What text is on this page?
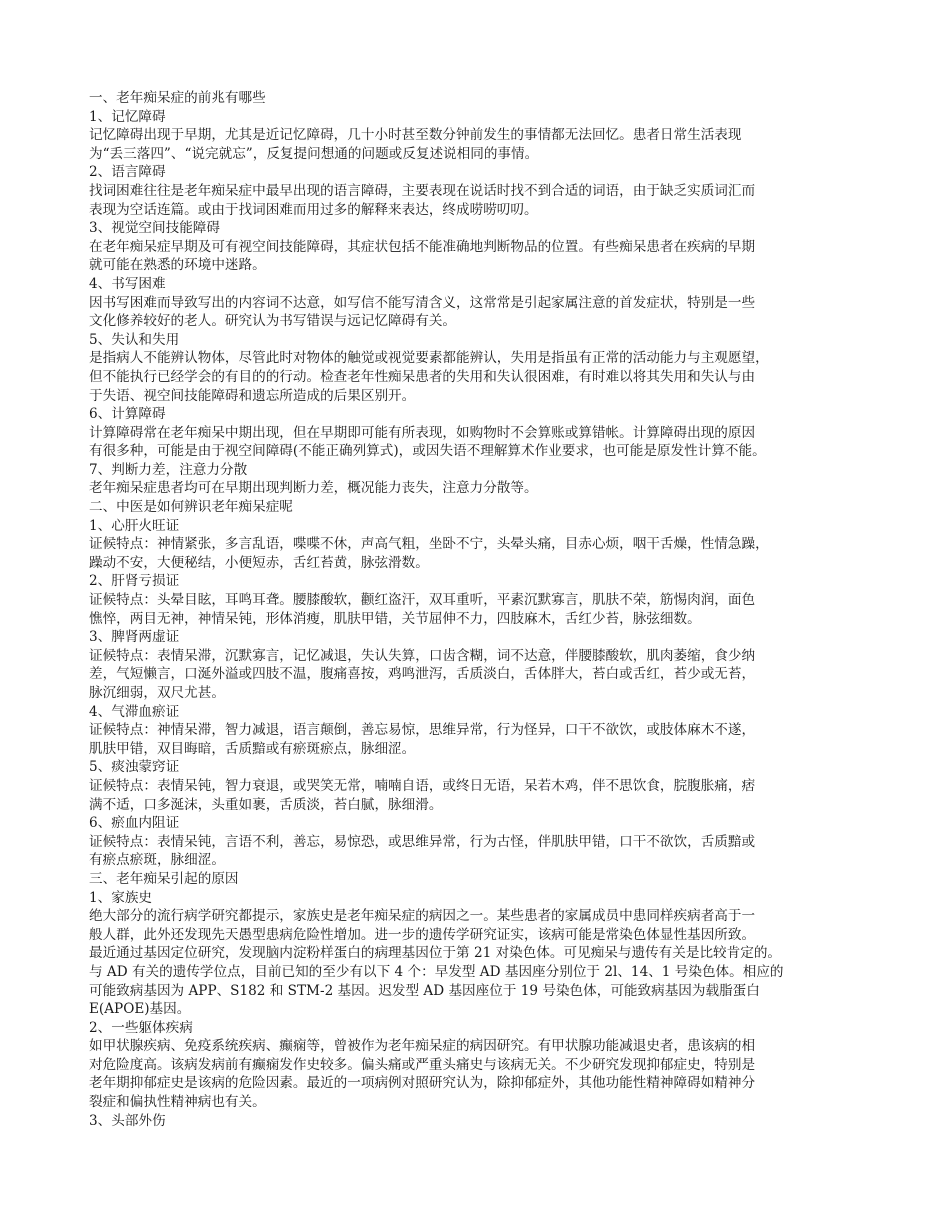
一、老年痴呆症的前兆有哪些
1、记忆障碍
记忆障碍出现于早期，尤其是近记忆障碍，几十小时甚至数分钟前发生的事情都无法回忆。患者日常生活表现
为“丢三落四”、“说完就忘”，反复提问想通的问题或反复述说相同的事情。
2、语言障碍
找词困难往往是老年痴呆症中最早出现的语言障碍，主要表现在说话时找不到合适的词语，由于缺乏实质词汇而
表现为空话连篇。或由于找词困难而用过多的解释来表达，终成唠唠叨叨。
3、视觉空间技能障碍
在老年痴呆症早期及可有视空间技能障碍，其症状包括不能准确地判断物品的位置。有些痴呆患者在疾病的早期
就可能在熟悉的环境中迷路。
4、书写困难
因书写困难而导致写出的内容词不达意，如写信不能写清含义，这常常是引起家属注意的首发症状，特别是一些
文化修养较好的老人。研究认为书写错误与远记忆障碍有关。
5、失认和失用
是指病人不能辨认物体，尽管此时对物体的触觉或视觉要素都能辨认，失用是指虽有正常的活动能力与主观愿望，
但不能执行已经学会的有目的的行动。检查老年性痴呆患者的失用和失认很困难，有时难以将其失用和失认与由
于失语、视空间技能障碍和遗忘所造成的后果区别开。
6、计算障碍
计算障碍常在老年痴呆中期出现，但在早期即可能有所表现，如购物时不会算账或算错帐。计算障碍出现的原因
有很多种，可能是由于视空间障碍(不能正确列算式)，或因失语不理解算术作业要求，也可能是原发性计算不能。
7、判断力差，注意力分散
老年痴呆症患者均可在早期出现判断力差，概况能力丧失，注意力分散等。
二、中医是如何辨识老年痴呆症呢
1、心肝火旺证
证候特点：神情紧张，多言乱语，喋喋不休，声高气粗，坐卧不宁，头晕头痛，目赤心烦，咽干舌燥，性情急躁，
躁动不安，大便秘结，小便短赤，舌红苔黄，脉弦滑数。
2、肝肾亏损证
证候特点：头晕目眩，耳鸣耳聋。腰膝酸软，颧红盗汗，双耳重听，平素沉默寡言，肌肤不荣，筋惕肉润，面色
憔悴，两目无神，神情呆钝，形体消瘦，肌肤甲错，关节屈伸不力，四肢麻木，舌红少苔，脉弦细数。
3、脾肾两虚证
证候特点：表情呆滞，沉默寡言，记忆减退，失认失算，口齿含糊，词不达意，伴腰膝酸软，肌肉萎缩，食少纳
差，气短懒言，口涎外溢或四肢不温，腹痛喜按，鸡鸣泄泻，舌质淡白，舌体胖大，苔白或舌红，苔少或无苔，
脉沉细弱，双尺尤甚。
4、气滞血瘀证
证候特点：神情呆滞，智力减退，语言颠倒，善忘易惊，思维异常，行为怪异，口干不欲饮，或肢体麻木不遂，
肌肤甲错，双目晦暗，舌质黯或有瘀斑瘀点，脉细涩。
5、痰浊蒙窍证
证候特点：表情呆钝，智力衰退，或哭笑无常，喃喃自语，或终日无语，呆若木鸡，伴不思饮食，脘腹胀痛，痞
满不适，口多涎沫，头重如裹，舌质淡，苔白腻，脉细滑。
6、瘀血内阻证
证候特点：表情呆钝，言语不利，善忘，易惊恐，或思维异常，行为古怪，伴肌肤甲错，口干不欲饮，舌质黯或
有瘀点瘀斑，脉细涩。
三、老年痴呆引起的原因
1、家族史
绝大部分的流行病学研究都提示，家族史是老年痴呆症的病因之一。某些患者的家属成员中患同样疾病者高于一
般人群，此外还发现先天愚型患病危险性增加。进一步的遗传学研究证实，该病可能是常染色体显性基因所致。
最近通过基因定位研究，发现脑内淀粉样蛋白的病理基因位于第 21 对染色体。可见痴呆与遗传有关是比较肯定的。
与 AD 有关的遗传学位点，目前已知的至少有以下 4 个：早发型 AD 基因座分别位于 2l、14、1 号染色体。相应的
可能致病基因为 APP、S182 和 STM-2 基因。迟发型 AD 基因座位于 19 号染色体，可能致病基因为载脂蛋白
E(APOE)基因。
2、一些躯体疾病
如甲状腺疾病、免疫系统疾病、癫痫等，曾被作为老年痴呆症的病因研究。有甲状腺功能减退史者，患该病的相
对危险度高。该病发病前有癫痫发作史较多。偏头痛或严重头痛史与该病无关。不少研究发现抑郁症史，特别是
老年期抑郁症史是该病的危险因素。最近的一项病例对照研究认为，除抑郁症外，其他功能性精神障碍如精神分
裂症和偏执性精神病也有关。
3、头部外伤
